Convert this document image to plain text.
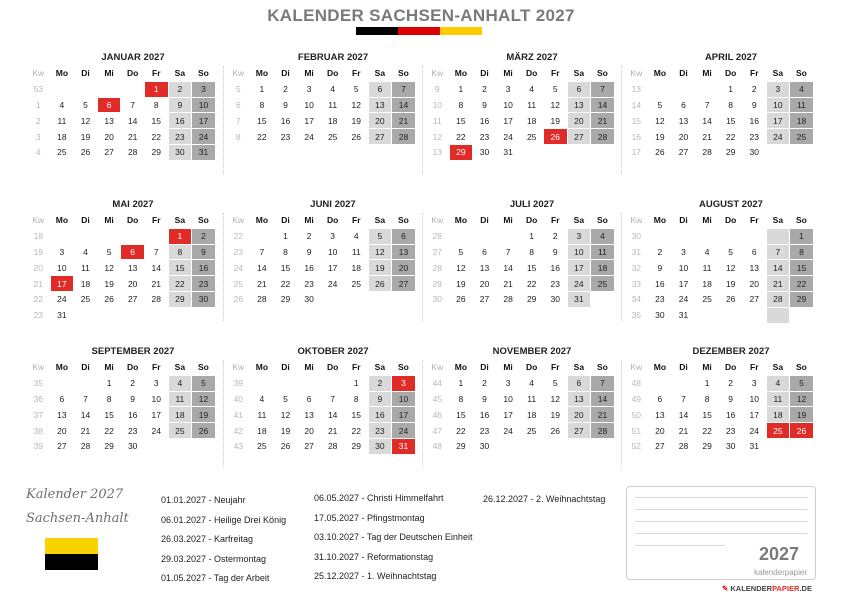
KALENDER SACHSEN-ANHALT 2027
JANUAR 2027
Kw	Mo	Di	Mi	Do	Fr	Sa	So
53					1	2	3
1	4	5	6	7	8	9	10
2	11	12	13	14	15	16	17
3	18	19	20	21	22	23	24
4	25	26	27	28	29	30	31
FEBRUAR 2027
Kw	Mo	Di	Mi	Do	Fr	Sa	So
5	1	2	3	4	5	6	7
6	8	9	10	11	12	13	14
7	15	16	17	18	19	20	21
8	22	23	24	25	26	27	28
MÄRZ 2027
Kw	Mo	Di	Mi	Do	Fr	Sa	So
9	1	2	3	4	5	6	7
10	8	9	10	11	12	13	14
11	15	16	17	18	19	20	21
12	22	23	24	25	26	27	28
13	29	30	31				
APRIL 2027
Kw	Mo	Di	Mi	Do	Fr	Sa	So
13				1	2	3	4
14	5	6	7	8	9	10	11
15	12	13	14	15	16	17	18
16	19	20	21	22	23	24	25
17	26	27	28	29	30		
MAI 2027
Kw	Mo	Di	Mi	Do	Fr	Sa	So
18						1	2
19	3	4	5	6	7	8	9
20	10	11	12	13	14	15	16
21	17	18	19	20	21	22	23
22	24	25	26	27	28	29	30
23	31						
JUNI 2027
Kw	Mo	Di	Mi	Do	Fr	Sa	So
22		1	2	3	4	5	6
23	7	8	9	10	11	12	13
24	14	15	16	17	18	19	20
25	21	22	23	24	25	26	27
26	28	29	30				
JULI 2027
Kw	Mo	Di	Mi	Do	Fr	Sa	So
26				1	2	3	4
27	5	6	7	8	9	10	11
28	12	13	14	15	16	17	18
29	19	20	21	22	23	24	25
30	26	27	28	29	30	31	
AUGUST 2027
Kw	Mo	Di	Mi	Do	Fr	Sa	So
30							1
31	2	3	4	5	6	7	8
32	9	10	11	12	13	14	15
33	16	17	18	19	20	21	22
34	23	24	25	26	27	28	29
35	30	31					
SEPTEMBER 2027
Kw	Mo	Di	Mi	Do	Fr	Sa	So
35			1	2	3	4	5
36	6	7	8	9	10	11	12
37	13	14	15	16	17	18	19
38	20	21	22	23	24	25	26
39	27	28	29	30			
OKTOBER 2027
Kw	Mo	Di	Mi	Do	Fr	Sa	So
39					1	2	3
40	4	5	6	7	8	9	10
41	11	12	13	14	15	16	17
42	18	19	20	21	22	23	24
43	25	26	27	28	29	30	31
NOVEMBER 2027
Kw	Mo	Di	Mi	Do	Fr	Sa	So
44	1	2	3	4	5	6	7
45	8	9	10	11	12	13	14
46	15	16	17	18	19	20	21
47	22	23	24	25	26	27	28
48	29	30					
DEZEMBER 2027
Kw	Mo	Di	Mi	Do	Fr	Sa	So
48			1	2	3	4	5
49	6	7	8	9	10	11	12
50	13	14	15	16	17	18	19
51	20	21	22	23	24	25	26
52	27	28	29	30	31		
Kalender 2027
Sachsen-Anhalt
01.01.2027 - Neujahr
06.01.2027 - Heilige Drei König
26.03.2027 - Karfreitag
29.03.2027 - Ostermontag
01.05.2027 - Tag der Arbeit
06.05.2027 - Christi Himmelfahrt
17.05.2027 - Pfingstmontag
03.10.2027 - Tag der Deutschen Einheit
31.10.2027 - Reformationstag
25.12.2027 - 1. Weihnachtstag
26.12.2027 - 2. Weihnachtstag
2027
kalenderpapier
✎ KALENDERPAPIER.DE
